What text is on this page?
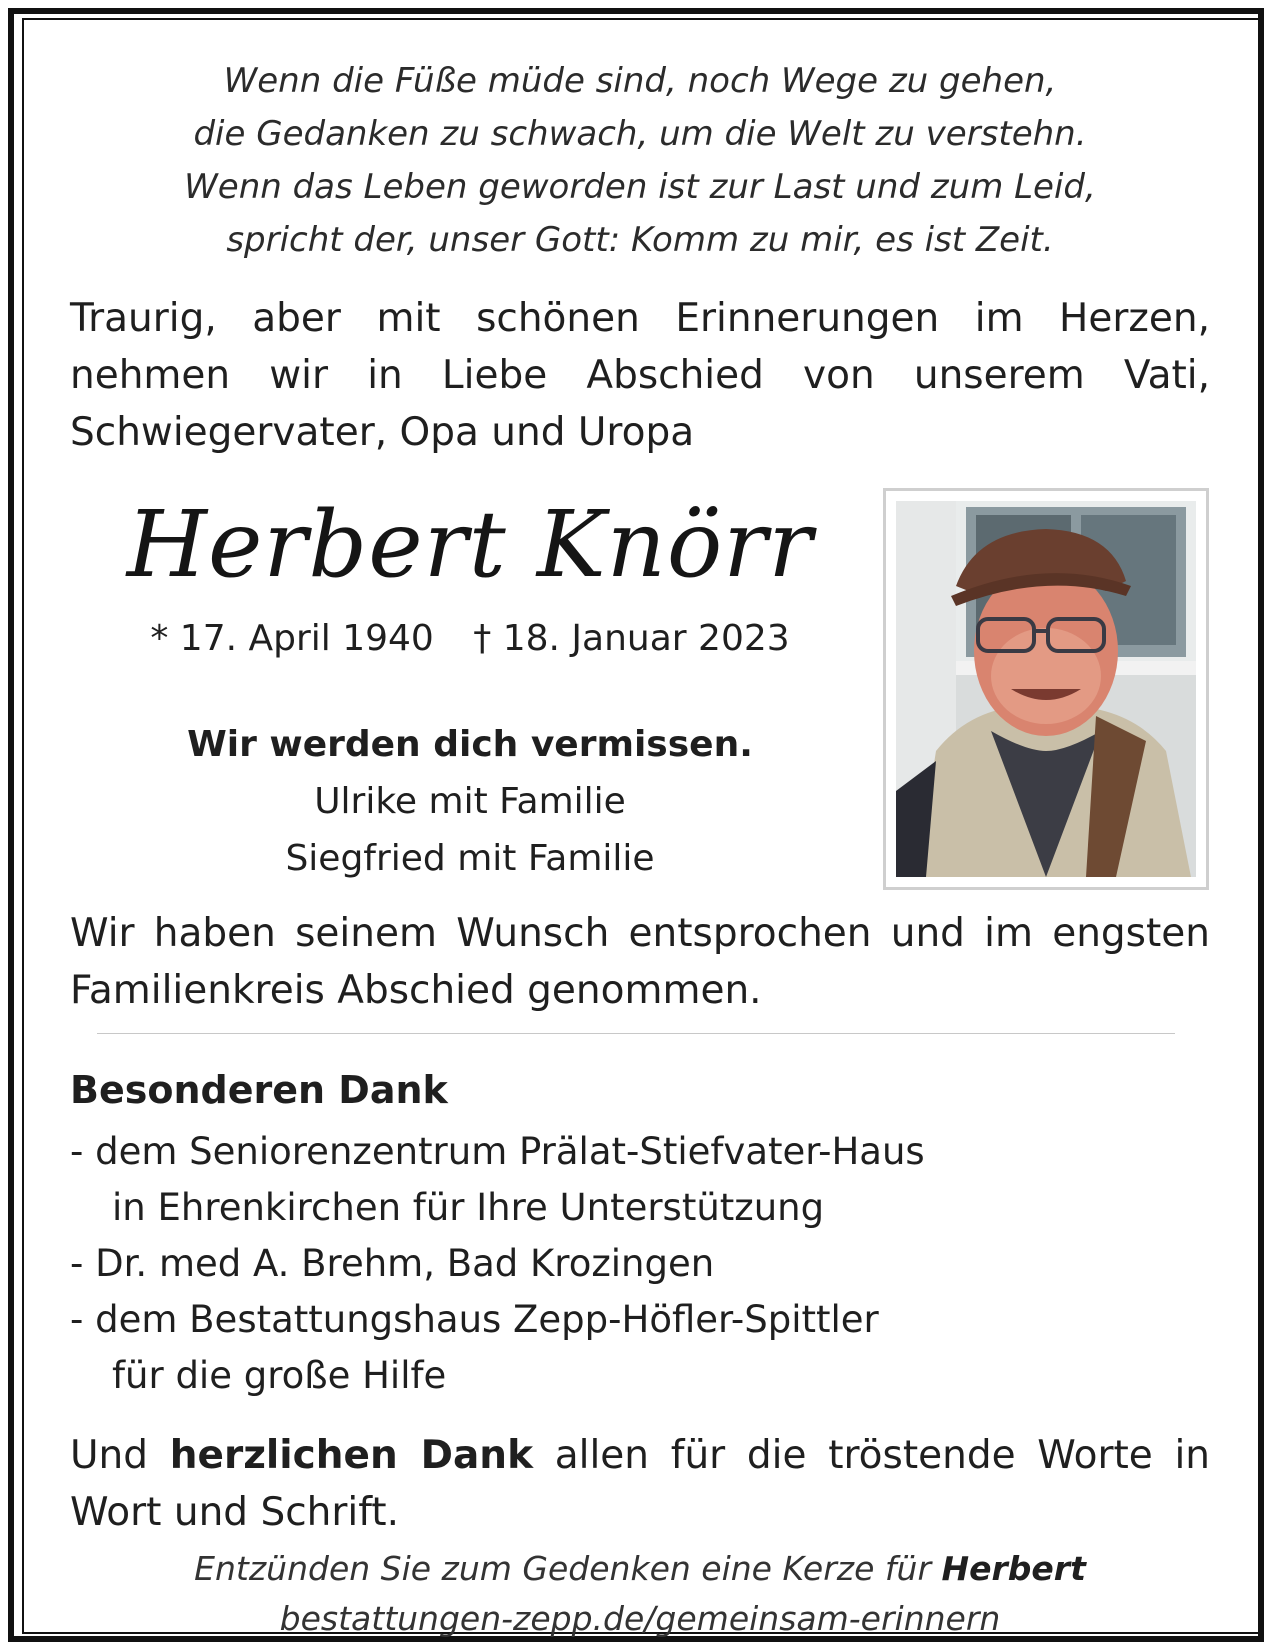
Wenn die Füße müde sind, noch Wege zu gehen,
die Gedanken zu schwach, um die Welt zu verstehn.
Wenn das Leben geworden ist zur Last und zum Leid,
spricht der, unser Gott: Komm zu mir, es ist Zeit.
Traurig, aber mit schönen Erinnerungen im Herzen, nehmen wir in Liebe Abschied von unserem Vati, Schwiegervater, Opa und Uropa
Herbert Knörr
* 17. April 1940 † 18. Januar 2023
Wir werden dich vermissen.
Ulrike mit Familie
Siegfried mit Familie
Wir haben seinem Wunsch entsprochen und im engsten Familienkreis Abschied genommen.
Besonderen Dank
- dem Seniorenzentrum Prälat-Stiefvater-Haus
in Ehrenkirchen für Ihre Unterstützung
- Dr. med A. Brehm, Bad Krozingen
- dem Bestattungshaus Zepp-Höfler-Spittler
für die große Hilfe
Und herzlichen Dank allen für die tröstende Worte in Wort und Schrift.
Entzünden Sie zum Gedenken eine Kerze für Herbert
bestattungen-zepp.de/gemeinsam-erinnern
